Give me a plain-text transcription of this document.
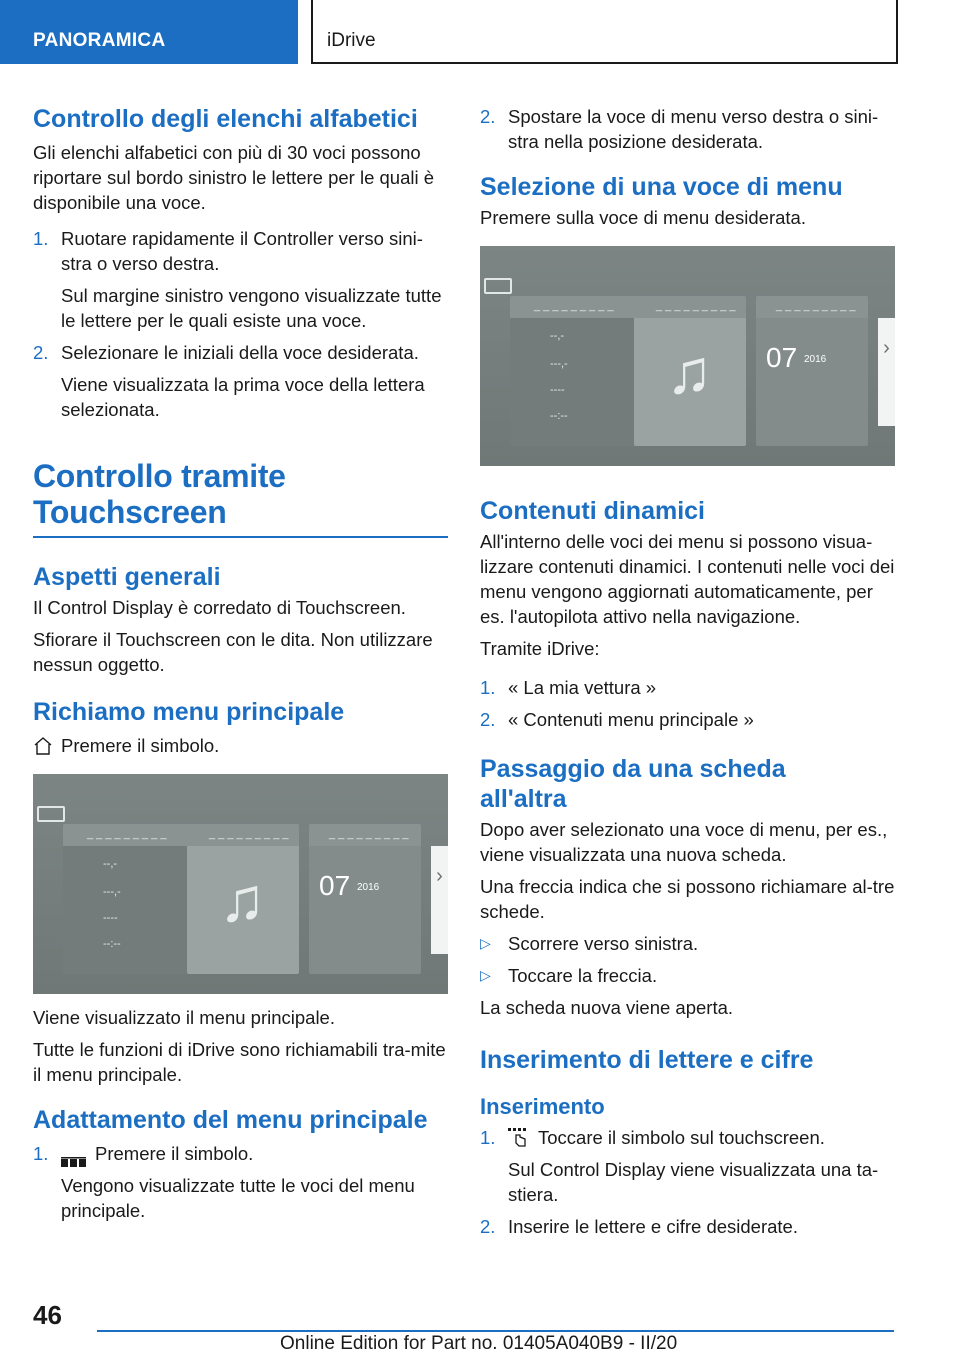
PANORAMICA	iDrive
Controllo degli elenchi alfabetici

Gli elenchi alfabetici con più di 30 voci possono riportare sul bordo sinistro le lettere per le quali è disponibile una voce.

1. Ruotare rapidamente il Controller verso sini-stra o verso destra.
Sul margine sinistro vengono visualizzate tutte le lettere per le quali esiste una voce.
2. Selezionare le iniziali della voce desiderata.
Viene visualizzata la prima voce della lettera selezionata.
Controllo tramite
Touchscreen
Aspetti generali

Il Control Display è corredato di Touchscreen.

Sfiorare il Touchscreen con le dita. Non utilizzare nessun oggetto.

Richiamo menu principale
Premere il simbolo.
_ _ _ _ _ _ _ _ _
--,-
---,-
----
--:--
_ _ _ _ _ _ _ _ _
♫
_ _ _ _ _ _ _ _ _
07 2016
›

Viene visualizzato il menu principale.

Tutte le funzioni di iDrive sono richiamabili tra-mite il menu principale.

Adattamento del menu principale
1.	Premere il simbolo.
Vengono visualizzate tutte le voci del menu principale.
2. Spostare la voce di menu verso destra o sini-stra nella posizione desiderata.
Selezione di una voce di menu

Premere sulla voce di menu desiderata.

_ _ _ _ _ _ _ _ _
--,-
---,-
----
--:--
_ _ _ _ _ _ _ _ _
♫
_ _ _ _ _ _ _ _ _
07 2016
›
Contenuti dinamici

All'interno delle voci dei menu si possono visua-lizzare contenuti dinamici. I contenuti nelle voci dei menu vengono aggiornati automaticamente, per es. l'autopilota attivo nella navigazione.

Tramite iDrive:

1. « La mia vettura »
2. « Contenuti menu principale »
Passaggio da una scheda
all'altra

Dopo aver selezionato una voce di menu, per es., viene visualizzata una nuova scheda.

Una freccia indica che si possono richiamare al-tre schede.

▷ Scorrere verso sinistra.
▷ Toccare la freccia.

La scheda nuova viene aperta.

Inserimento di lettere e cifre
Inserimento
1. Toccare il simbolo sul touchscreen.
Sul Control Display viene visualizzata una ta-stiera.
2. Inserire le lettere e cifre desiderate.
46
Online Edition for Part no. 01405A040B9 - II/20
